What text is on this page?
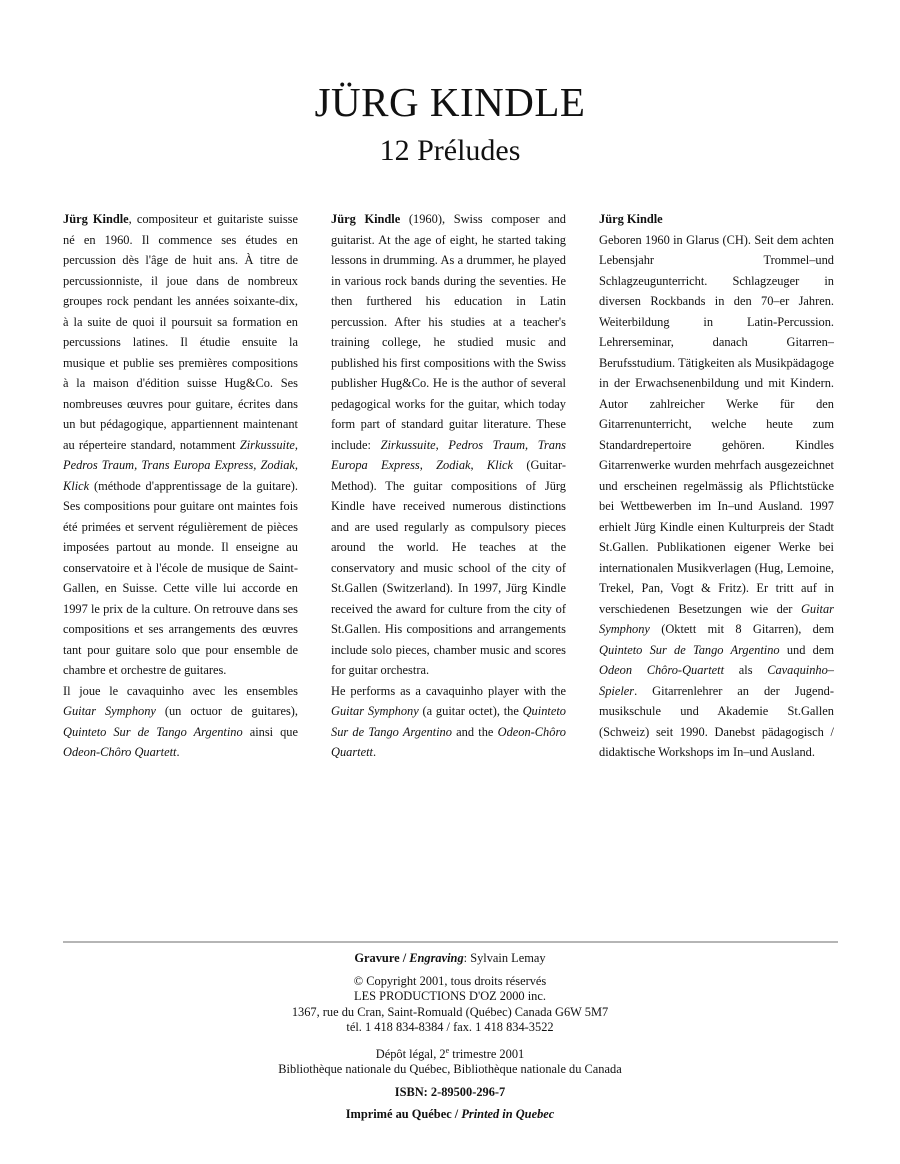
JÜRG KINDLE
12 Préludes

Jürg Kindle, compositeur et guitariste suisse né en 1960. Il commence ses études en percussion dès l'âge de huit ans. À titre de percussionniste, il joue dans de nombreux groupes rock pendant les années soixante-dix, à la suite de quoi il poursuit sa formation en percussions latines. Il étudie ensuite la musique et publie ses premières compositions à la maison d'édition suisse Hug&Co. Ses nombreuses œuvres pour guitare, écrites dans un but pédagogique, appartiennent maintenant au réperteire standard, notamment Zirkussuite, Pedros Traum, Trans Europa Express, Zodiak, Klick (méthode d'apprentissage de la guitare). Ses compositions pour guitare ont maintes fois été primées et servent régulièrement de pièces imposées partout au monde. Il enseigne au conservatoire et à l'école de musique de Saint-Gallen, en Suisse. Cette ville lui accorde en 1997 le prix de la culture. On retrouve dans ses compositions et ses arrangements des œuvres tant pour guitare solo que pour ensemble de chambre et orchestre de guitares.

Il joue le cavaquinho avec les ensembles Guitar Symphony (un octuor de guitares), Quinteto Sur de Tango Argentino ainsi que Odeon-Chôro Quartett.

Jürg Kindle (1960), Swiss composer and guitarist. At the age of eight, he started taking lessons in drumming. As a drummer, he played in various rock bands during the seventies. He then furthered his education in Latin percussion. After his studies at a teacher's training college, he studied music and published his first compositions with the Swiss publisher Hug&Co. He is the author of several pedagogical works for the guitar, which today form part of standard guitar literature. These include: Zirkussuite, Pedros Traum, Trans Europa Express, Zodiak, Klick (Guitar-Method). The guitar compositions of Jürg Kindle have received numerous distinctions and are used regularly as compulsory pieces around the world. He teaches at the conservatory and music school of the city of St.Gallen (Switzerland). In 1997, Jürg Kindle received the award for culture from the city of St.Gallen. His compositions and arrangements include solo pieces, chamber music and scores for guitar orchestra.

He performs as a cavaquinho player with the Guitar Symphony (a guitar octet), the Quinteto Sur de Tango Argentino and the Odeon-Chôro Quartett.

Jürg Kindle

Geboren 1960 in Glarus (CH). Seit dem achten Lebensjahr Trommel–und Schlagzeugunterricht. Schlagzeuger in diversen Rockbands in den 70–er Jahren. Weiterbildung in Latin-Percussion. Lehrerseminar, danach Gitarren–Berufsstudium. Tätigkeiten als Musikpädagoge in der Erwachsenenbildung und mit Kindern. Autor zahlreicher Werke für den Gitarrenunterricht, welche heute zum Standardrepertoire gehören. Kindles Gitarrenwerke wurden mehrfach ausgezeichnet und erscheinen regelmässig als Pflichtstücke bei Wettbewerben im In–und Ausland. 1997 erhielt Jürg Kindle einen Kulturpreis der Stadt St.Gallen. Publikationen eigener Werke bei internationalen Musikverlagen (Hug, Lemoine, Trekel, Pan, Vogt & Fritz). Er tritt auf in verschiedenen Besetzungen wie der Guitar Symphony (Oktett mit 8 Gitarren), dem Quinteto Sur de Tango Argentino und dem Odeon Chôro-Quartett als Cavaquinho–Spieler. Gitarrenlehrer an der Jugendmusikschule und Akademie St.Gallen (Schweiz) seit 1990. Danebst pädagogisch / didaktische Workshops im In–und Ausland.

Gravure / Engraving: Sylvain Lemay
© Copyright 2001, tous droits réservés
LES PRODUCTIONS D'OZ 2000 inc.
1367, rue du Cran, Saint-Romuald (Québec) Canada G6W 5M7
tél. 1 418 834-8384 / fax. 1 418 834-3522
Dépôt légal, 2e trimestre 2001
Bibliothèque nationale du Québec, Bibliothèque nationale du Canada
ISBN: 2-89500-296-7
Imprimé au Québec / Printed in Quebec
